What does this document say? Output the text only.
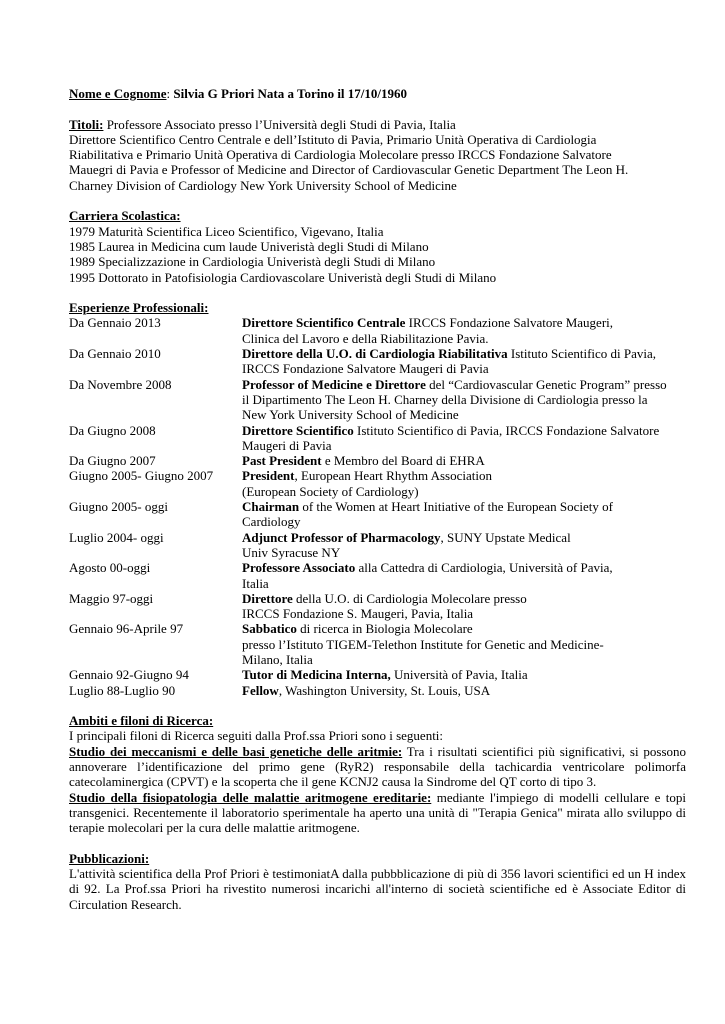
Nome e Cognome: Silvia G Priori Nata a Torino il 17/10/1960

Titoli: Professore Associato presso l’Università degli Studi di Pavia, Italia

Direttore Scientifico Centro Centrale e dell’Istituto di Pavia, Primario Unità Operativa di Cardiologia

Riabilitativa e Primario Unità Operativa di Cardiologia Molecolare presso IRCCS Fondazione Salvatore

Mauegri di Pavia e Professor of Medicine and Director of Cardiovascular Genetic Department The Leon H.

Charney Division of Cardiology New York University School of Medicine

Carriera Scolastica:

1979 Maturità Scientifica Liceo Scientifico, Vigevano, Italia

1985 Laurea in Medicina cum laude Univeristà degli Studi di Milano

1989 Specializzazione in Cardiologia Univeristà degli Studi di Milano

1995 Dottorato in Patofisiologia Cardiovascolare Univeristà degli Studi di Milano

Esperienze Professionali:

Da Gennaio 2013	Direttore Scientifico Centrale IRCCS Fondazione Salvatore Maugeri,
Clinica del Lavoro e della Riabilitazione Pavia.
Da Gennaio 2010	Direttore della U.O. di Cardiologia Riabilitativa Istituto Scientifico di Pavia,
IRCCS Fondazione Salvatore Maugeri di Pavia
Da Novembre 2008	Professor of Medicine e Direttore del “Cardiovascular Genetic Program” presso
il Dipartimento The Leon H. Charney della Divisione di Cardiologia presso la
New York University School of Medicine
Da Giugno 2008	Direttore Scientifico Istituto Scientifico di Pavia, IRCCS Fondazione Salvatore
Maugeri di Pavia
Da Giugno 2007	Past President e Membro del Board di EHRA
Giugno 2005- Giugno 2007	President, European Heart Rhythm Association
(European Society of Cardiology)
Giugno 2005- oggi	Chairman of the Women at Heart Initiative of the European Society of
Cardiology
Luglio 2004- oggi	Adjunct Professor of Pharmacology, SUNY Upstate Medical
Univ Syracuse NY
Agosto 00-oggi	Professore Associato alla Cattedra di Cardiologia, Università of Pavia,
Italia
Maggio 97-oggi	Direttore della U.O. di Cardiologia Molecolare presso
IRCCS Fondazione S. Maugeri, Pavia, Italia
Gennaio 96-Aprile 97	Sabbatico di ricerca in Biologia Molecolare
presso l’Istituto TIGEM-Telethon Institute for Genetic and Medicine-
Milano, Italia
Gennaio 92-Giugno 94	Tutor di Medicina Interna, Università of Pavia, Italia
Luglio 88-Luglio 90	Fellow, Washington University, St. Louis, USA

Ambiti e filoni di Ricerca:

I principali filoni di Ricerca seguiti dalla Prof.ssa Priori sono i seguenti:

Studio dei meccanismi e delle basi genetiche delle aritmie: Tra i risultati scientifici più significativi, si possono annoverare l’identificazione del primo gene (RyR2) responsabile della tachicardia ventricolare polimorfa catecolaminergica (CPVT) e la scoperta che il gene KCNJ2 causa la Sindrome del QT corto di tipo 3.

Studio della fisiopatologia delle malattie aritmogene ereditarie: mediante l'impiego di modelli cellulare e topi transgenici. Recentemente il laboratorio sperimentale ha aperto una unità di "Terapia Genica" mirata allo sviluppo di terapie molecolari per la cura delle malattie aritmogene.

Pubblicazioni:

L'attività scientifica della Prof Priori è testimoniatA dalla pubbblicazione di più di 356 lavori scientifici ed un H index di 92. La Prof.ssa Priori ha rivestito numerosi incarichi all'interno di società scientifiche ed è Associate Editor di Circulation Research.
